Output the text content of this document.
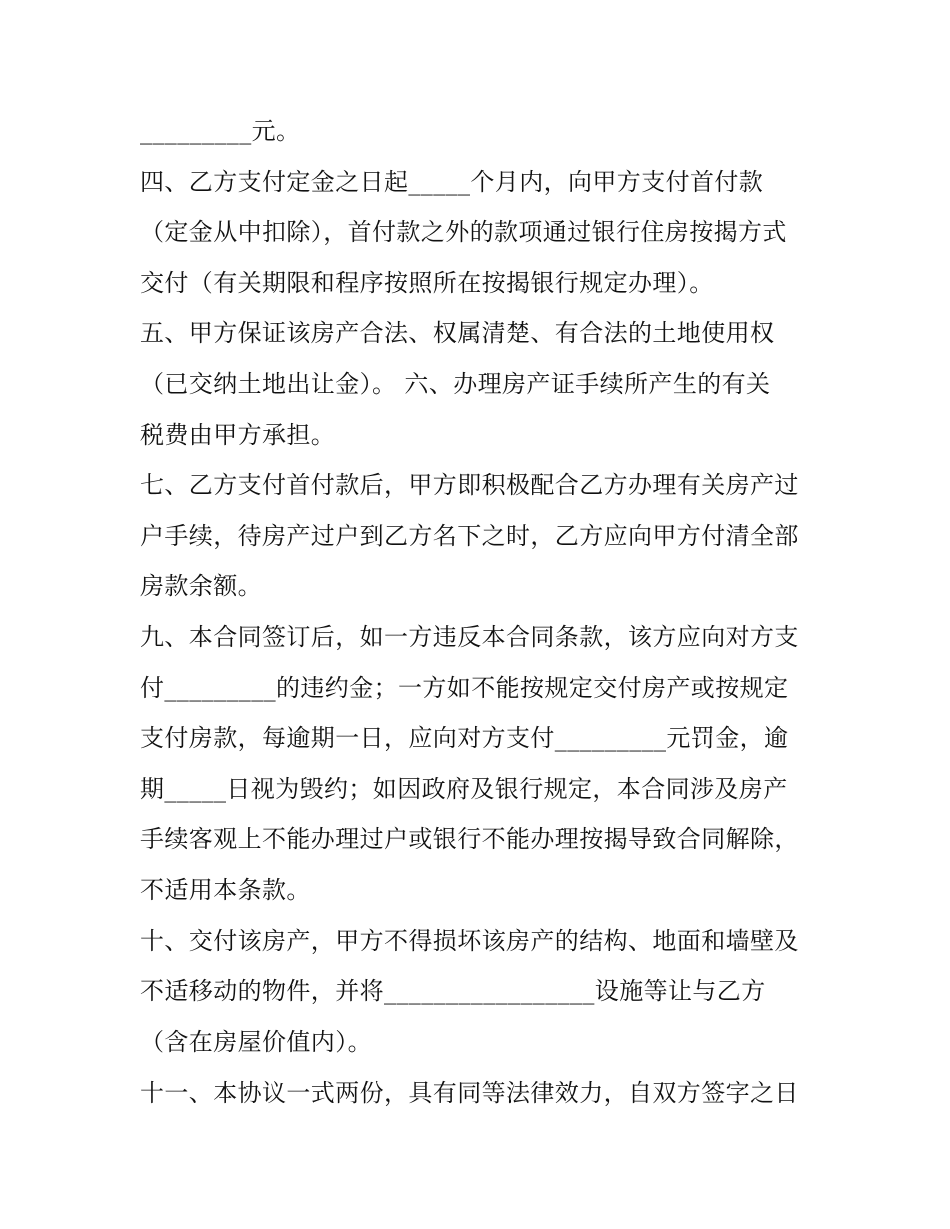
_________元。
四、乙方支付定金之日起_____个月内，向甲方支付首付款
（定金从中扣除），首付款之外的款项通过银行住房按揭方式
交付（有关期限和程序按照所在按揭银行规定办理）。
五、甲方保证该房产合法、权属清楚、有合法的土地使用权
（已交纳土地出让金）。 六、办理房产证手续所产生的有关
税费由甲方承担。
七、乙方支付首付款后，甲方即积极配合乙方办理有关房产过
户手续，待房产过户到乙方名下之时，乙方应向甲方付清全部
房款余额。
九、本合同签订后，如一方违反本合同条款，该方应向对方支
付_________的违约金；一方如不能按规定交付房产或按规定
支付房款，每逾期一日，应向对方支付_________元罚金，逾
期_____日视为毁约；如因政府及银行规定，本合同涉及房产
手续客观上不能办理过户或银行不能办理按揭导致合同解除，
不适用本条款。
十、交付该房产，甲方不得损坏该房产的结构、地面和墙壁及
不适移动的物件，并将_________________设施等让与乙方
（含在房屋价值内）。
十一、本协议一式两份，具有同等法律效力，自双方签字之日
